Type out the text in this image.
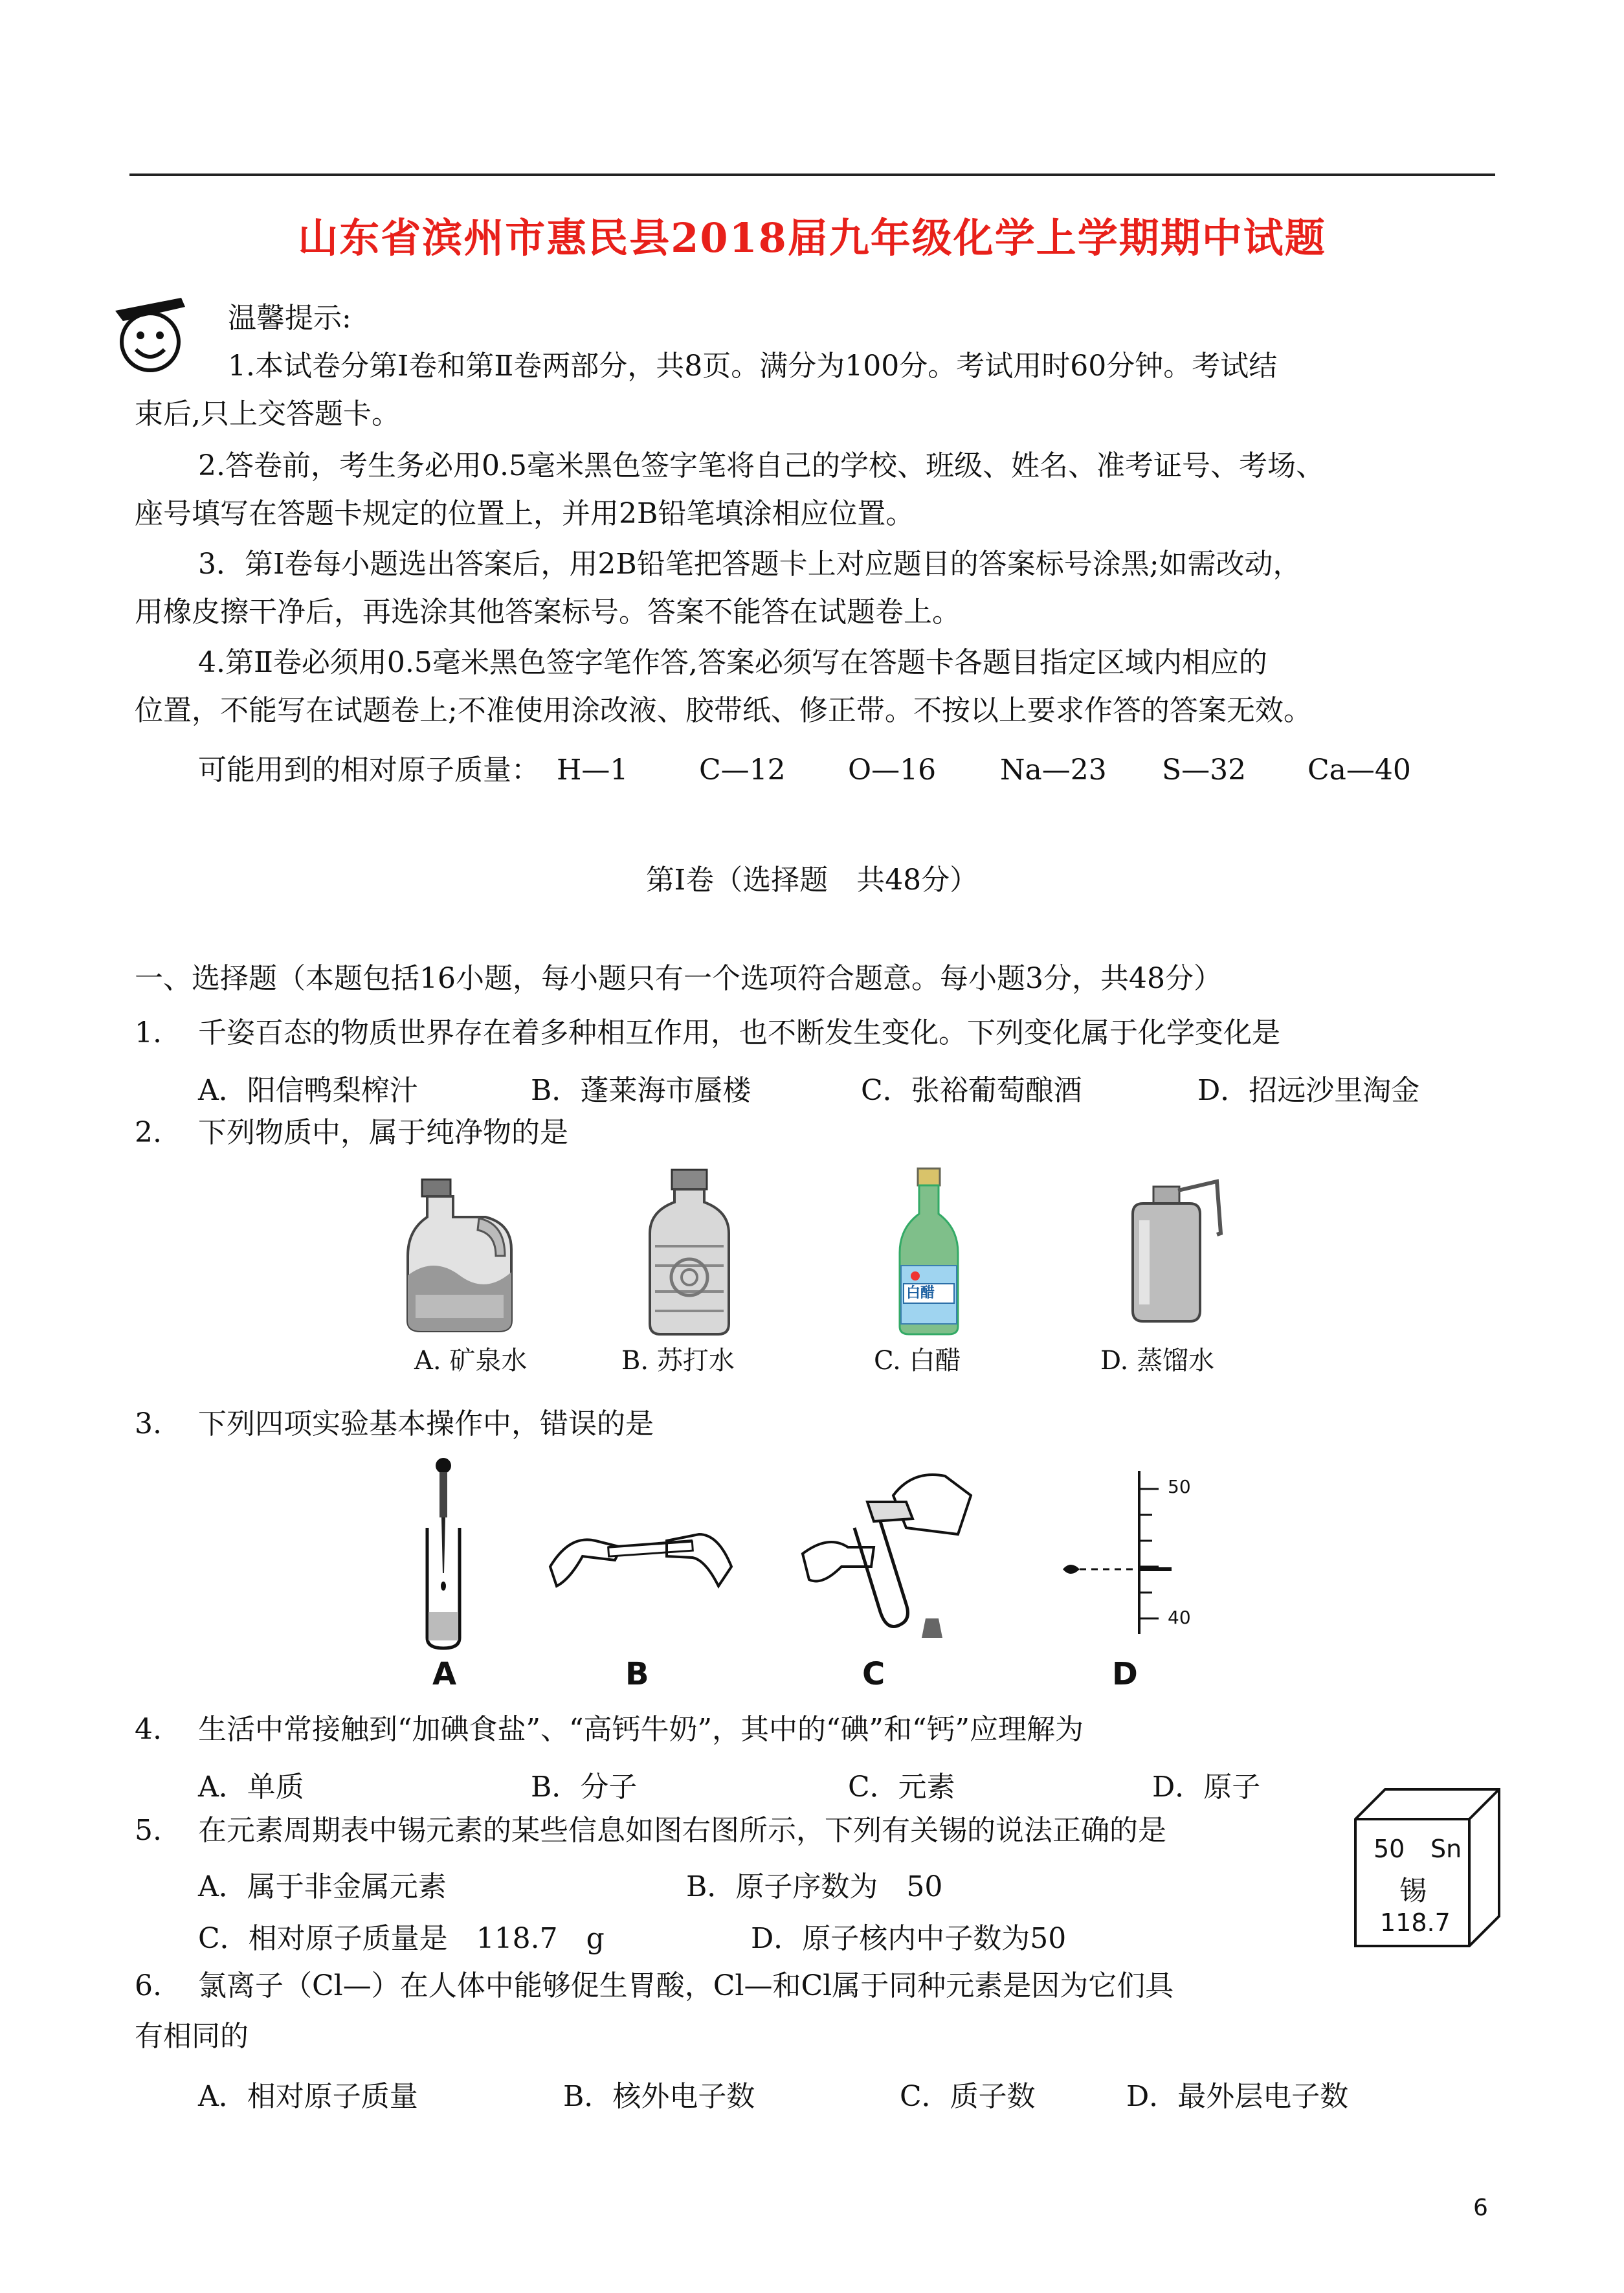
山东省滨州市惠民县2018届九年级化学上学期期中试题
温馨提示:
1.本试卷分第Ⅰ卷和第Ⅱ卷两部分，共8页。满分为100分。考试用时60分钟。考试结
束后,只上交答题卡。
2.答卷前，考生务必用0.5毫米黑色签字笔将自己的学校、班级、姓名、准考证号、考场、
座号填写在答题卡规定的位置上，并用2B铅笔填涂相应位置。
3．第Ⅰ卷每小题选出答案后，用2B铅笔把答题卡上对应题目的答案标号涂黑;如需改动，
用橡皮擦干净后，再选涂其他答案标号。答案不能答在试题卷上。
4.第Ⅱ卷必须用0.5毫米黑色签字笔作答,答案必须写在答题卡各题目指定区域内相应的
位置，不能写在试题卷上;不准使用涂改液、胶带纸、修正带。不按以上要求作答的答案无效。
可能用到的相对原子质量： H—1 C—12 O—16 Na—23 S—32 Ca—40
第Ⅰ卷（选择题　共48分）
一、选择题（本题包括16小题，每小题只有一个选项符合题意。每小题3分，共48分）
1. 千姿百态的物质世界存在着多种相互作用，也不断发生变化。下列变化属于化学变化是
A．阳信鸭梨榨汁	B．蓬莱海市蜃楼	C．张裕葡萄酿酒	D．招远沙里淘金
2. 下列物质中，属于纯净物的是
A. 矿泉水	B. 苏打水
白醋
C. 白醋	D. 蒸馏水
3. 下列四项实验基本操作中，错误的是
A	B	C
50
40
D
4. 生活中常接触到“加碘食盐”、“高钙牛奶”，其中的“碘”和“钙”应理解为
A．单质	B．分子	C．元素	D．原子
5. 在元素周期表中锡元素的某些信息如图右图所示，下列有关锡的说法正确的是
A．属于非金属元素	B．原子序数为　50
C．相对原子质量是　118.7　g	D．原子核内中子数为50
50 Sn
锡
118.7
6. 氯离子（Cl—）在人体中能够促生胃酸，Cl—和Cl属于同种元素是因为它们具
有相同的
A．相对原子质量	B．核外电子数	C．质子数	D．最外层电子数
6
